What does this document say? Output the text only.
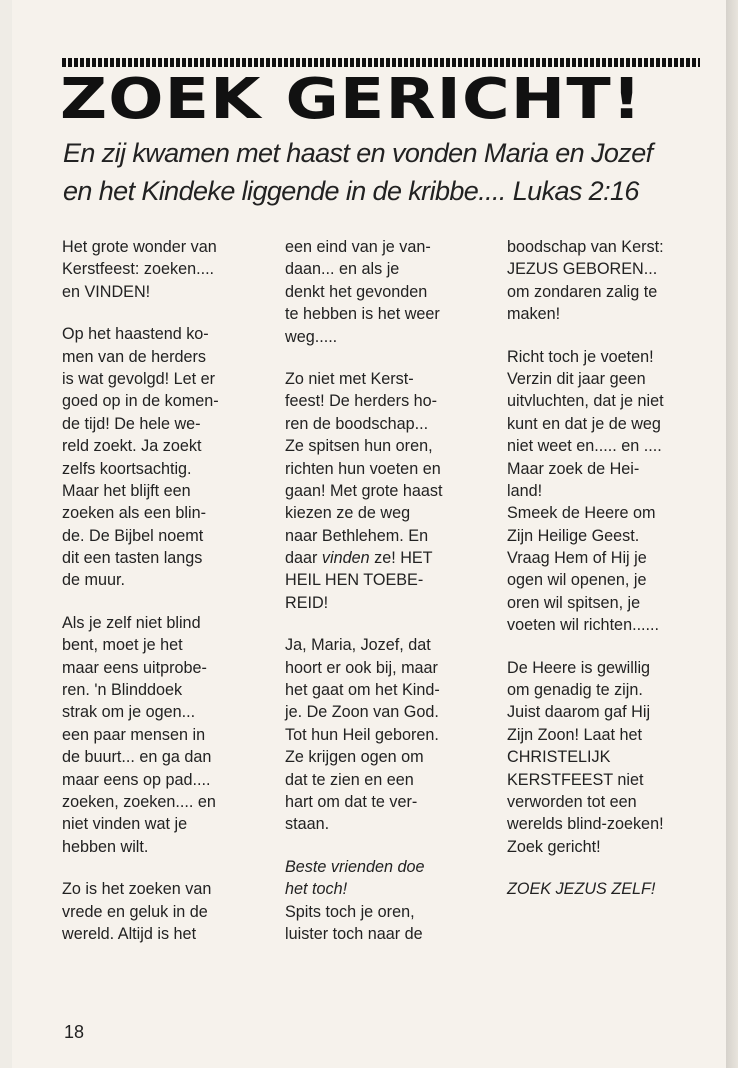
ZOEK GERICHT!
En zij kwamen met haast en vonden Maria en Jozef
en het Kindeke liggende in de kribbe.... Lukas 2:16
Het grote wonder van
Kerstfeest: zoeken....
en VINDEN!
Op het haastend ko-
men van de herders
is wat gevolgd! Let er
goed op in de komen-
de tijd! De hele we-
reld zoekt. Ja zoekt
zelfs koortsachtig.
Maar het blijft een
zoeken als een blin-
de. De Bijbel noemt
dit een tasten langs
de muur.
Als je zelf niet blind
bent, moet je het
maar eens uitprobe-
ren. 'n Blinddoek
strak om je ogen...
een paar mensen in
de buurt... en ga dan
maar eens op pad....
zoeken, zoeken.... en
niet vinden wat je
hebben wilt.
Zo is het zoeken van
vrede en geluk in de
wereld. Altijd is het
een eind van je van-
daan... en als je
denkt het gevonden
te hebben is het weer
weg.....
Zo niet met Kerst-
feest! De herders ho-
ren de boodschap...
Ze spitsen hun oren,
richten hun voeten en
gaan! Met grote haast
kiezen ze de weg
naar Bethlehem. En
daar vinden ze! HET
HEIL HEN TOEBE-
REID!
Ja, Maria, Jozef, dat
hoort er ook bij, maar
het gaat om het Kind-
je. De Zoon van God.
Tot hun Heil geboren.
Ze krijgen ogen om
dat te zien en een
hart om dat te ver-
staan.
Beste vrienden doe
het toch!
Spits toch je oren,
luister toch naar de
boodschap van Kerst:
JEZUS GEBOREN...
om zondaren zalig te
maken!
Richt toch je voeten!
Verzin dit jaar geen
uitvluchten, dat je niet
kunt en dat je de weg
niet weet en..... en ....
Maar zoek de Hei-
land!
Smeek de Heere om
Zijn Heilige Geest.
Vraag Hem of Hij je
ogen wil openen, je
oren wil spitsen, je
voeten wil richten......
De Heere is gewillig
om genadig te zijn.
Juist daarom gaf Hij
Zijn Zoon! Laat het
CHRISTELIJK
KERSTFEEST niet
verworden tot een
werelds blind-zoeken!
Zoek gericht!
ZOEK JEZUS ZELF!
18
